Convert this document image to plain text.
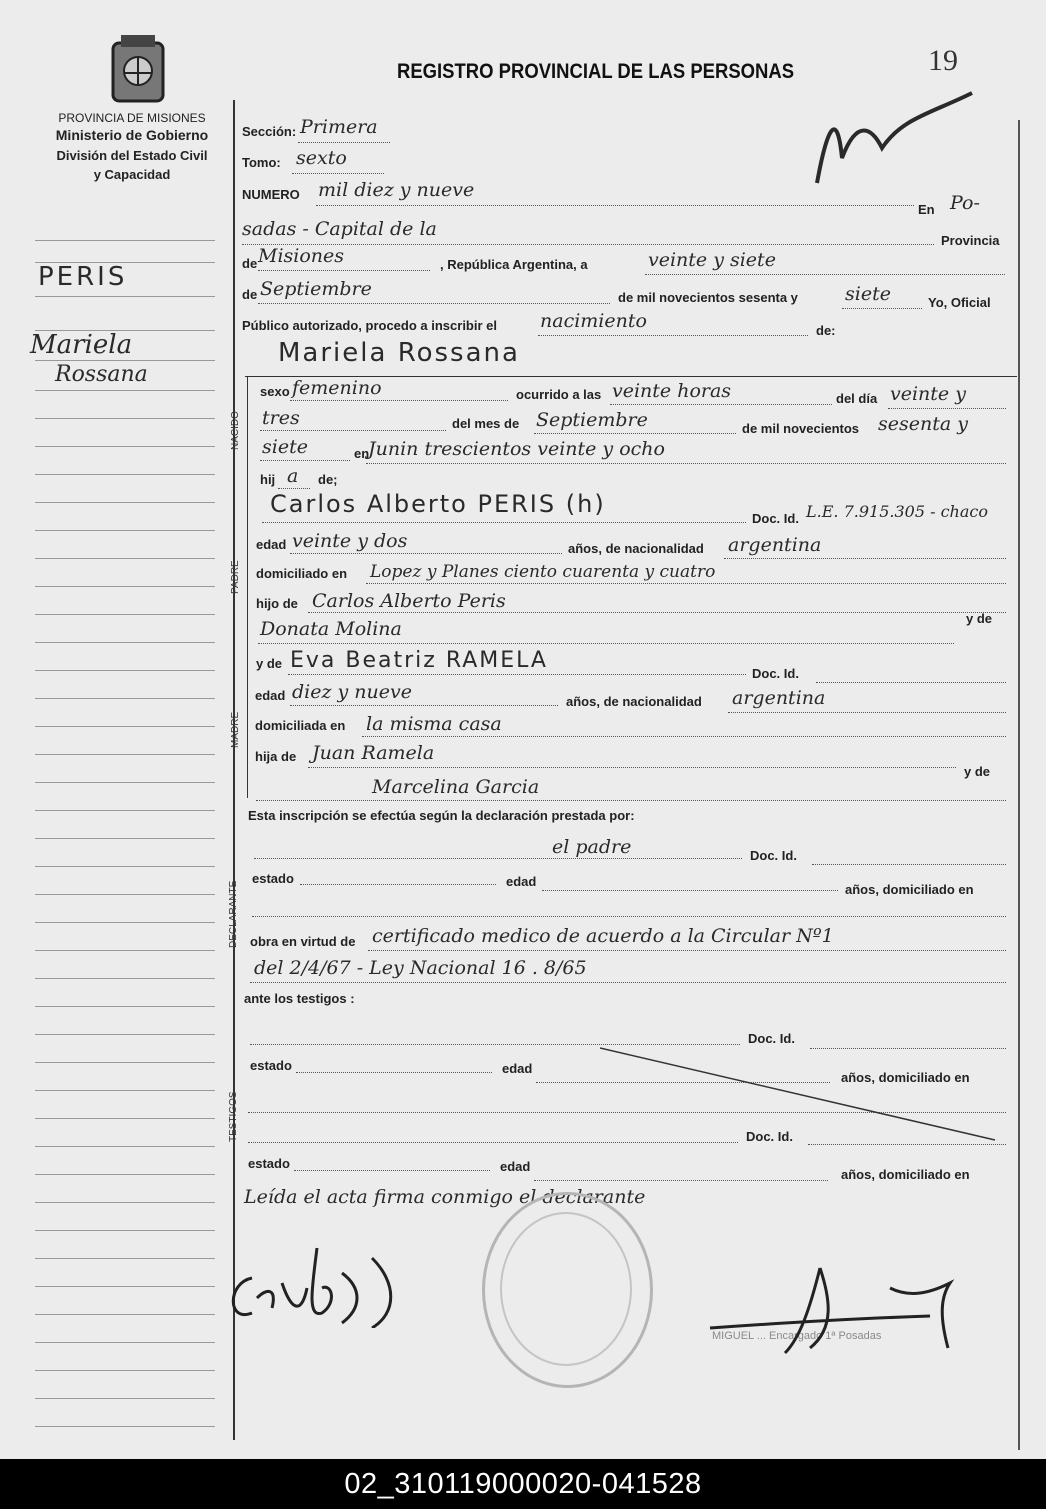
PROVINCIA DE MISIONES
Ministerio de Gobierno
División del Estado Civil
y Capacidad
REGISTRO PROVINCIAL DE LAS PERSONAS	19
PERIS
Mariela
Rossana
NACIDO
PADRE
MADRE
DECLARANTE
TESTIGOS
Sección: Primera
Tomo: sexto
NUMERO mil diez y nueve
En Po-
sadas - Capital de la
Provincia
de Misiones	, República Argentina, a	veinte y siete
de Septiembre	de mil novecientos sesenta y siete	Yo, Oficial
Público autorizado, procedo a inscribir el nacimiento	de:
Mariela Rossana
sexo femenino	ocurrido a las veinte horas	del día veinte y
tres	del mes de Septiembre	de mil novecientos sesenta y
siete	en
Junin trescientos veinte y ocho
hij a de;
Carlos Alberto PERIS (h)
Doc. Id. L.E. 7.915.305 - chaco
edad veinte y dos	años, de nacionalidad argentina
domiciliado en Lopez y Planes ciento cuarenta y cuatro
hijo de Carlos Alberto Peris
Donata Molina	y de
y de Eva Beatriz RAMELA
Doc. Id.
edad diez y nueve	años, de nacionalidad argentina
domiciliada en la misma casa
hija de Juan Ramela
y de
Marcelina Garcia
Esta inscripción se efectúa según la declaración prestada por:
el padre	Doc. Id.
estado	edad
años, domiciliado en
obra en virtud de certificado medico de acuerdo a la Circular Nº1
del 2/4/67 - Ley Nacional 16 . 8/65
ante los testigos :
Doc. Id.
estado	edad
años, domiciliado en
Doc. Id.
estado	edad
años, domiciliado en
Leída el acta firma conmigo el declarante
MIGUEL ... Encargado 1ª Posadas
02_310119000020-041528
